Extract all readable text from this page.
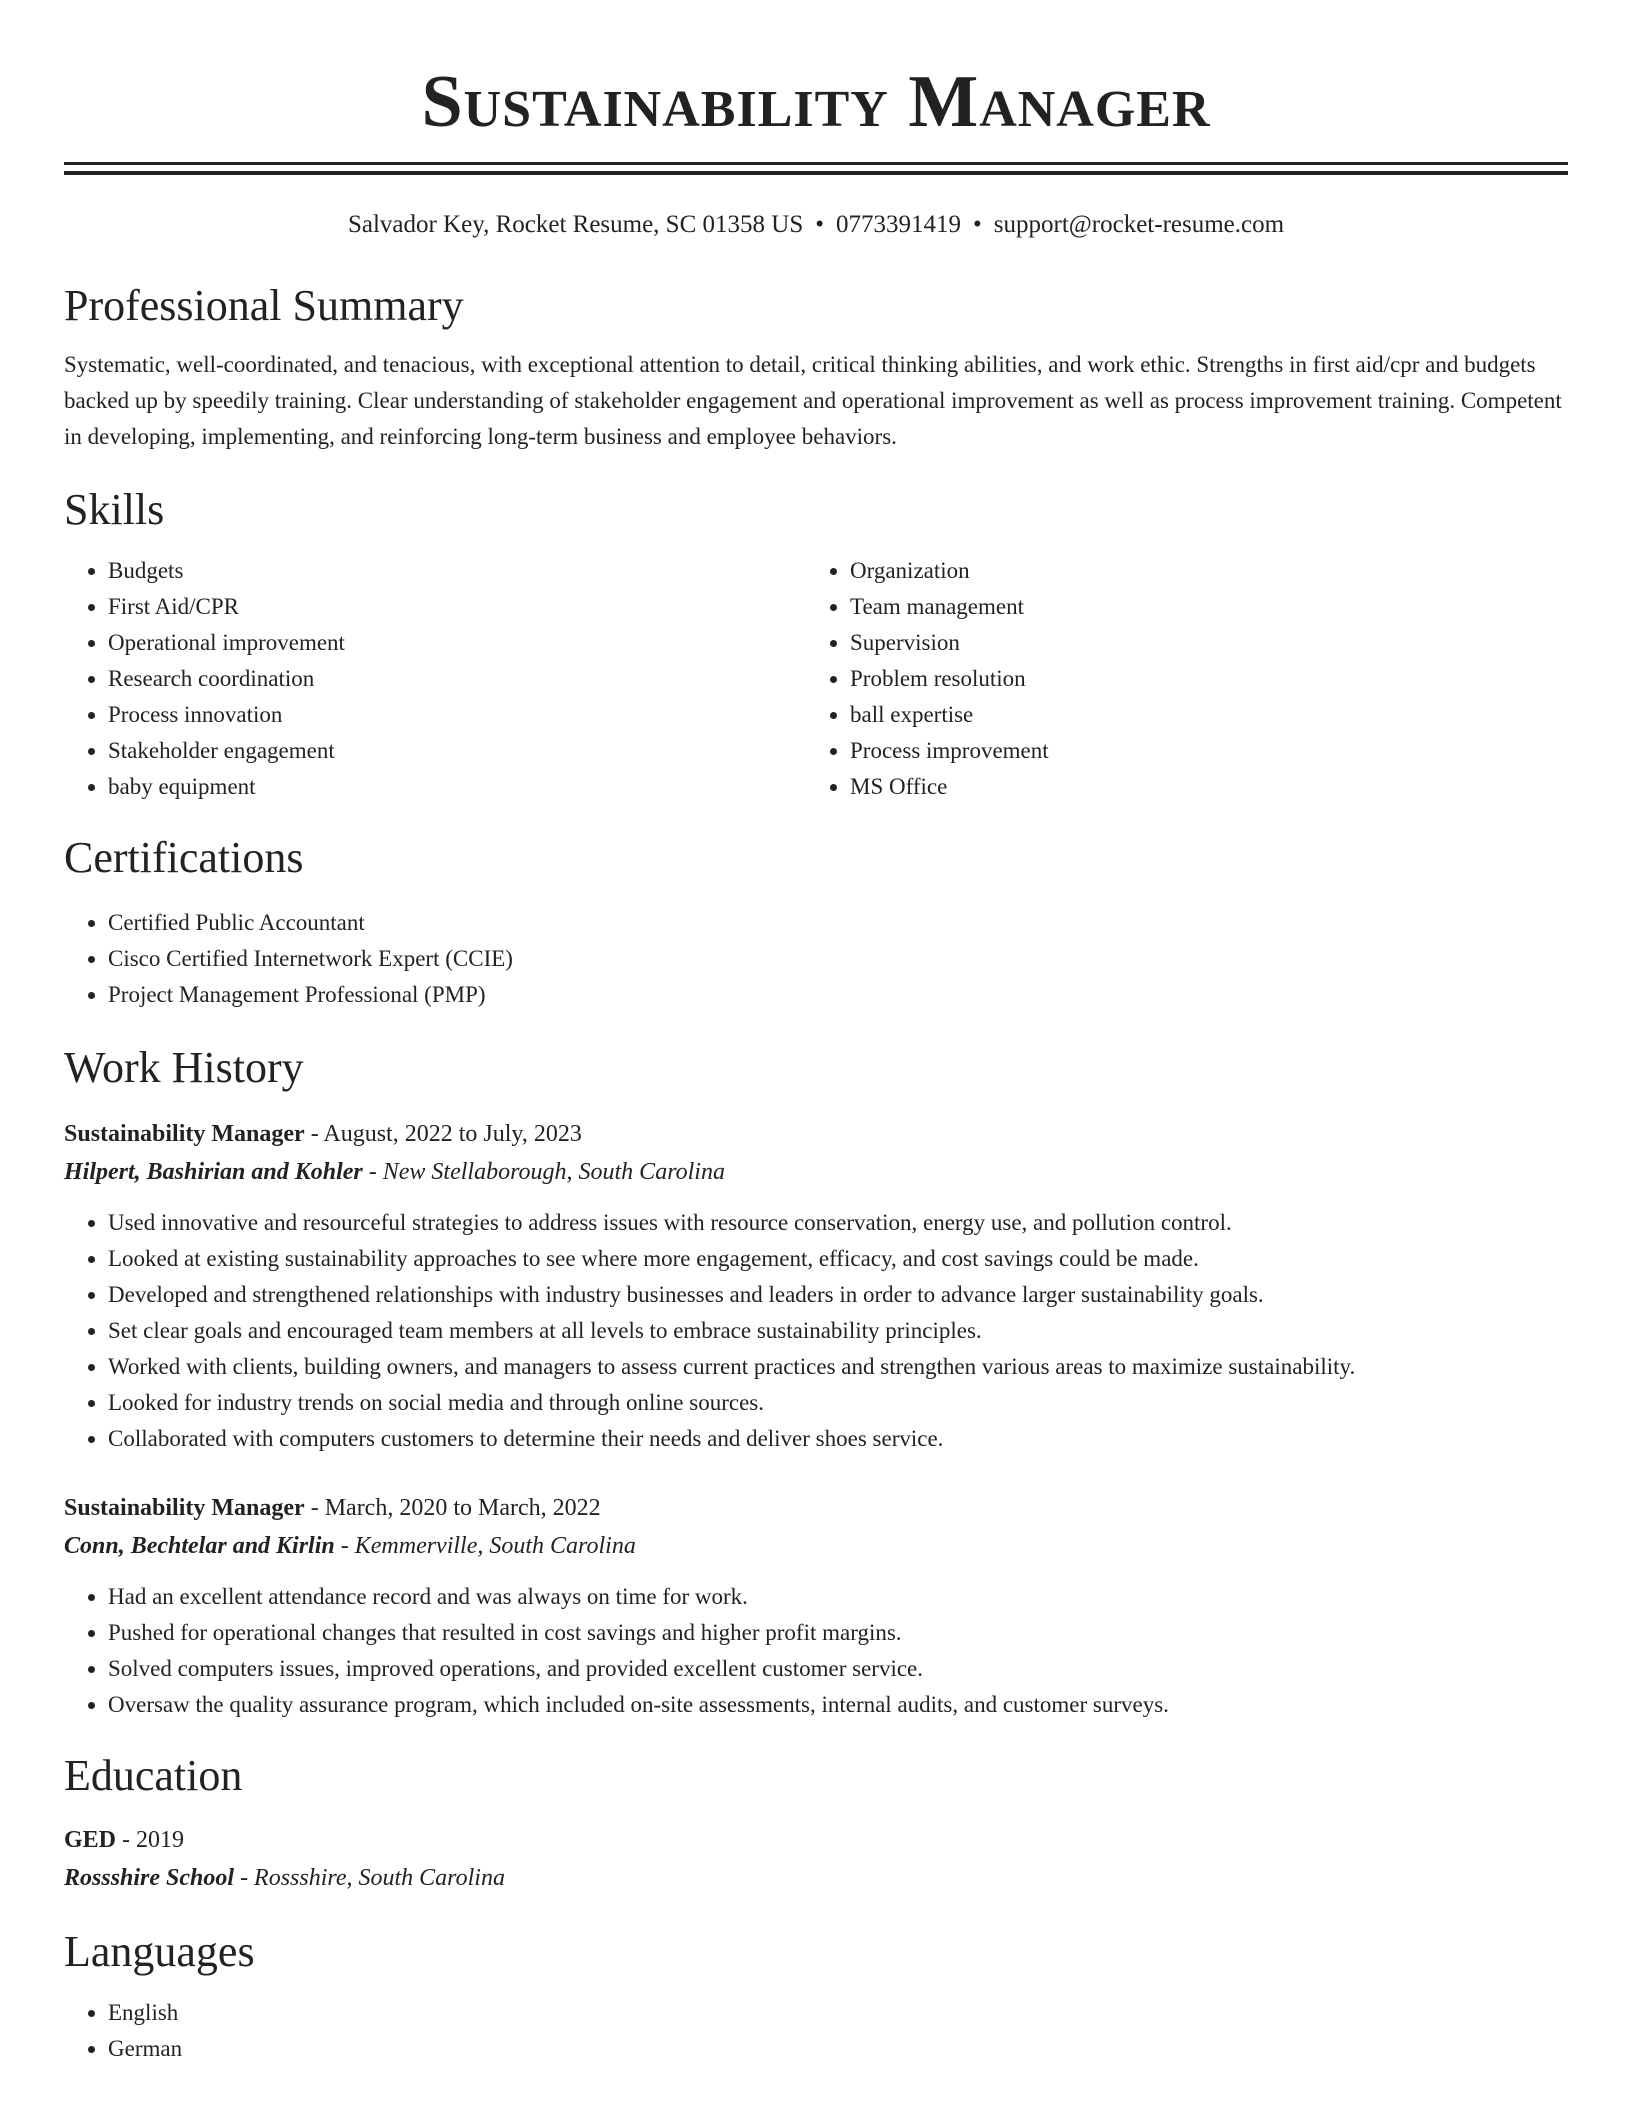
Sustainability Manager
Salvador Key, Rocket Resume, SC 01358 US • 0773391419 • support@rocket-resume.com
Professional Summary

Systematic, well-coordinated, and tenacious, with exceptional attention to detail, critical thinking abilities, and work ethic. Strengths in first aid/cpr and budgets backed up by speedily training. Clear understanding of stakeholder engagement and operational improvement as well as process improvement training. Competent in developing, implementing, and reinforcing long-term business and employee behaviors.

Skills
• Budgets
• First Aid/CPR
• Operational improvement
• Research coordination
• Process innovation
• Stakeholder engagement
• baby equipment
• Organization
• Team management
• Supervision
• Problem resolution
• ball expertise
• Process improvement
• MS Office
Certifications
• Certified Public Accountant
• Cisco Certified Internetwork Expert (CCIE)
• Project Management Professional (PMP)
Work History
Sustainability Manager - August, 2022 to July, 2023
Hilpert, Bashirian and Kohler - New Stellaborough, South Carolina
• Used innovative and resourceful strategies to address issues with resource conservation, energy use, and pollution control.
• Looked at existing sustainability approaches to see where more engagement, efficacy, and cost savings could be made.
• Developed and strengthened relationships with industry businesses and leaders in order to advance larger sustainability goals.
• Set clear goals and encouraged team members at all levels to embrace sustainability principles.
• Worked with clients, building owners, and managers to assess current practices and strengthen various areas to maximize sustainability.
• Looked for industry trends on social media and through online sources.
• Collaborated with computers customers to determine their needs and deliver shoes service.
Sustainability Manager - March, 2020 to March, 2022
Conn, Bechtelar and Kirlin - Kemmerville, South Carolina
• Had an excellent attendance record and was always on time for work.
• Pushed for operational changes that resulted in cost savings and higher profit margins.
• Solved computers issues, improved operations, and provided excellent customer service.
• Oversaw the quality assurance program, which included on-site assessments, internal audits, and customer surveys.
Education
GED - 2019
Rossshire School - Rossshire, South Carolina
Languages
• English
• German
